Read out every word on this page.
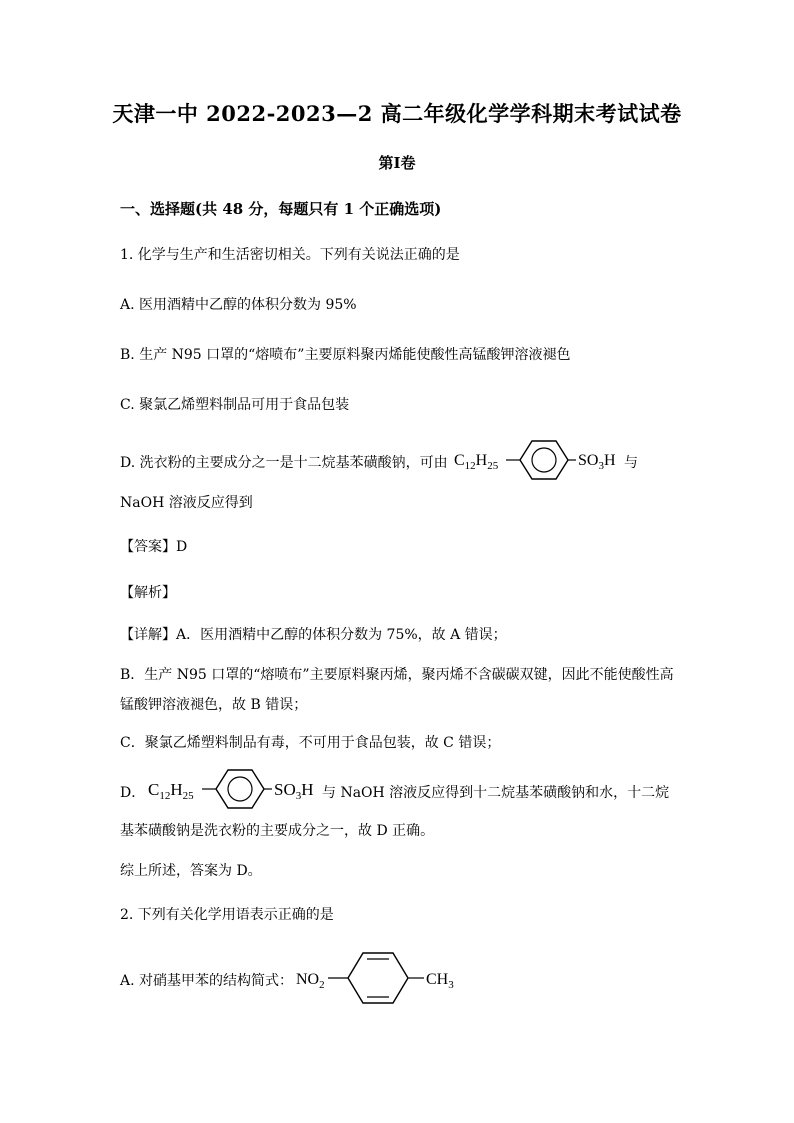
天津一中 2022-2023—2 高二年级化学学科期末考试试卷
第I卷
一、选择题(共 48 分，每题只有 1 个正确选项)
1. 化学与生产和生活密切相关。下列有关说法正确的是
A. 医用酒精中乙醇的体积分数为 95%
B. 生产 N95 口罩的“熔喷布”主要原料聚丙烯能使酸性高锰酸钾溶液褪色
C. 聚氯乙烯塑料制品可用于食品包装
D. 洗衣粉的主要成分之一是十二烷基苯磺酸钠，可由 $C_{12}H_{25}$	$SO_3H$ 与
NaOH 溶液反应得到
【答案】D
【解析】
【详解】A．医用酒精中乙醇的体积分数为 75%，故 A 错误；
B．生产 N95 口罩的“熔喷布”主要原料聚丙烯，聚丙烯不含碳碳双键，因此不能使酸性高
锰酸钾溶液褪色，故 B 错误；
C．聚氯乙烯塑料制品有毒，不可用于食品包装，故 C 错误；
D． $C_{12}H_{25}$	$SO_3H$ 与 NaOH 溶液反应得到十二烷基苯磺酸钠和水，十二烷
基苯磺酸钠是洗衣粉的主要成分之一，故 D 正确。
综上所述，答案为 D。
2. 下列有关化学用语表示正确的是
A. 对硝基甲苯的结构简式： $NO_2$	$CH_3$
